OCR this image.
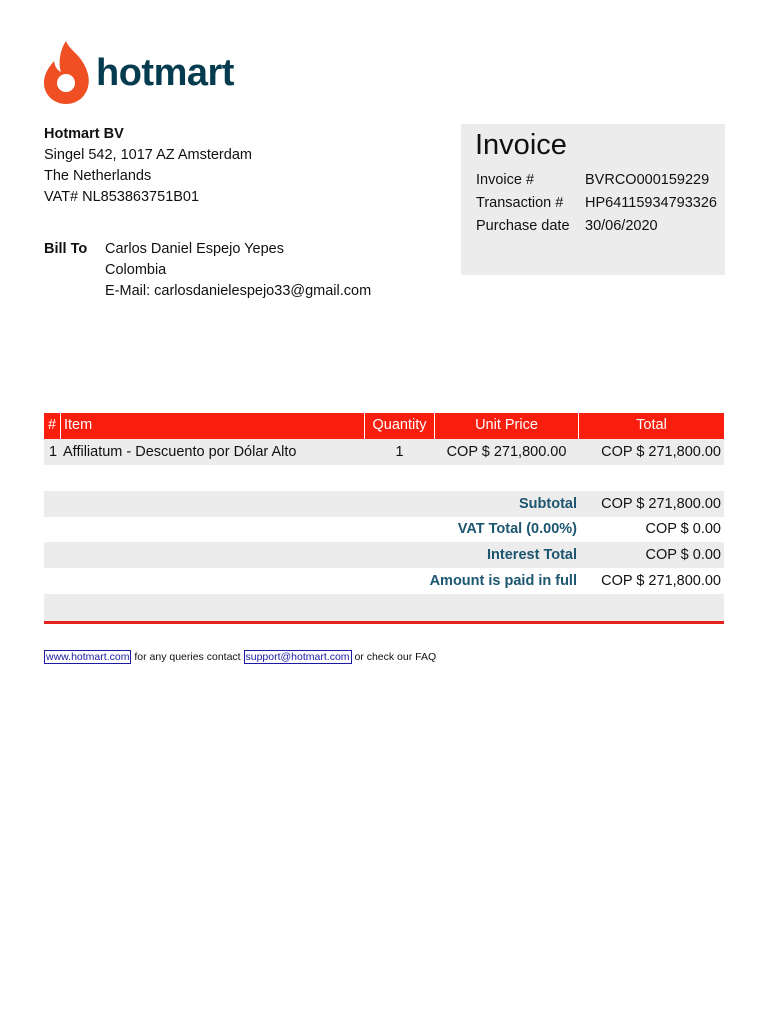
hotmart
Hotmart BV
Singel 542, 1017 AZ Amsterdam
The Netherlands
VAT# NL853863751B01
Bill To Carlos Daniel Espejo Yepes
Colombia
E-Mail: carlosdanielespejo33@gmail.com
Invoice
Invoice #	BVRCO000159229
Transaction # HP64115934793326
Purchase date 30/06/2020
# Item	Quantity	Unit Price	Total
1 Affiliatum - Descuento por Dólar Alto	1	COP $ 271,800.00	COP $ 271,800.00
Subtotal COP $ 271,800.00
VAT Total (0.00%)	COP $ 0.00
Interest Total	COP $ 0.00
Amount is paid in full COP $ 271,800.00
www.hotmart.com for any queries contact support@hotmart.com or check our FAQ
